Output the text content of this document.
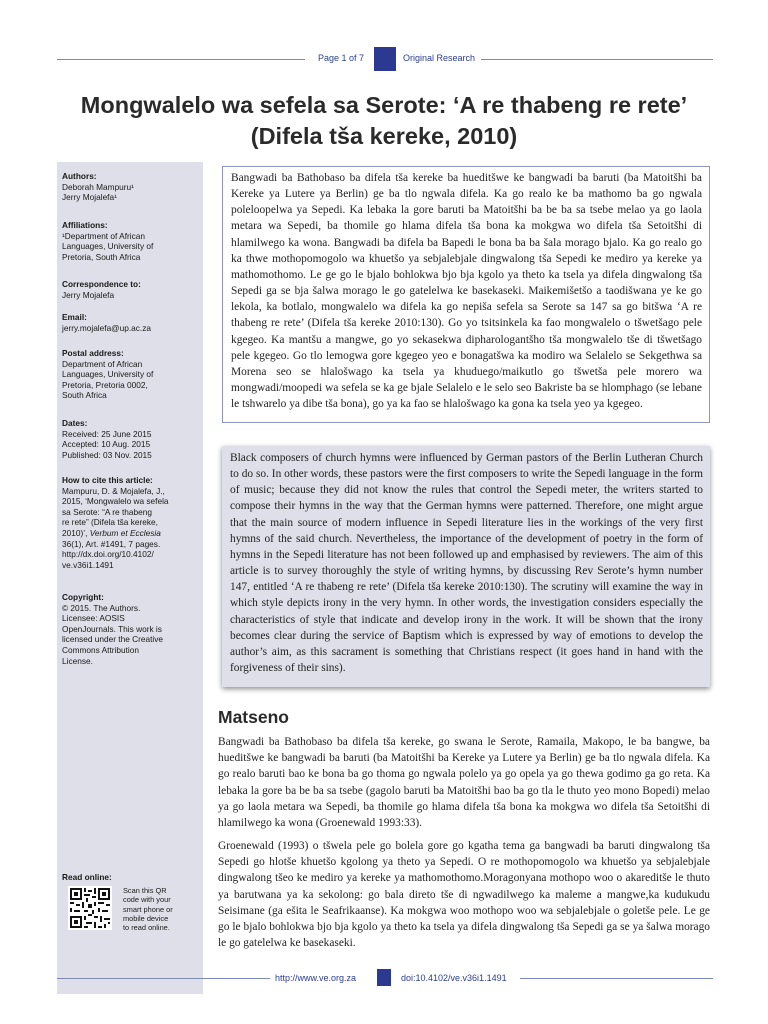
Page 1 of 7	Original Research
Mongwalelo wa sefela sa Serote: ‘A re thabeng re rete’
(Difela tša kereke, 2010)
Authors:
Deborah Mampuru¹
Jerry Mojalefa¹
Affiliations:
¹Department of African
Languages, University of
Pretoria, South Africa
Correspondence to:
Jerry Mojalefa
Email:
jerry.mojalefa@up.ac.za
Postal address:
Department of African
Languages, University of
Pretoria, Pretoria 0002,
South Africa
Dates:
Received: 25 June 2015
Accepted: 10 Aug. 2015
Published: 03 Nov. 2015
How to cite this article:
Mampuru, D. & Mojalefa, J.,
2015, ‘Mongwalelo wa sefela
sa Serote: “A re thabeng
re rete” (Difela tša kereke,
2010)’, Verbum et Ecclesia
36(1), Art. #1491, 7 pages.
http://dx.doi.org/10.4102/
ve.v36i1.1491
Copyright:
© 2015. The Authors.
Licensee: AOSIS
OpenJournals. This work is
licensed under the Creative
Commons Attribution
License.
Read online:
Scan this QR
code with your
smart phone or
mobile device
to read online.
Bangwadi ba Bathobaso ba difela tša kereke ba hueditšwe ke bangwadi ba baruti (ba Matoitšhi ba Kereke ya Lutere ya Berlin) ge ba tlo ngwala difela. Ka go realo ke ba mathomo ba go ngwala poleloopelwa ya Sepedi. Ka lebaka la gore baruti ba Matoitšhi ba be ba sa tsebe melao ya go laola metara wa Sepedi, ba thomile go hlama difela tša bona ka mokgwa wo difela tša Setoitšhi di hlamilwego ka wona. Bangwadi ba difela ba Bapedi le bona ba ba šala morago bjalo. Ka go realo go ka thwe mothopomogolo wa khuetšo ya sebjalebjale dingwalong tša Sepedi ke mediro ya kereke ya mathomothomo. Le ge go le bjalo bohlokwa bjo bja kgolo ya theto ka tsela ya difela dingwalong tša Sepedi ga se bja šalwa morago le go gatelelwa ke basekaseki. Maikemišetšo a taodišwana ye ke go lekola, ka botlalo, mongwalelo wa difela ka go nepiša sefela sa Serote sa 147 sa go bitšwa ‘A re thabeng re rete’ (Difela tša kereke 2010:130). Go yo tsitsinkela ka fao mongwalelo o tšwetšago pele kgegeo. Ka mantšu a mangwe, go yo sekasekwa dipharologantšho tša mongwalelo tše di tšwetšago pele kgegeo. Go tlo lemogwa gore kgegeo yeo e bonagatšwa ka modiro wa Selalelo se Sekgethwa sa Morena seo se hlalošwago ka tsela ya khuduego/maikutlo go tšwetša pele morero wa mongwadi/moopedi wa sefela se ka ge bjale Selalelo e le selo seo Bakriste ba se hlomphago (se lebane le tshwarelo ya dibe tša bona), go ya ka fao se hlalošwago ka gona ka tsela yeo ya kgegeo.
Black composers of church hymns were influenced by German pastors of the Berlin Lutheran Church to do so. In other words, these pastors were the first composers to write the Sepedi language in the form of music; because they did not know the rules that control the Sepedi meter, the writers started to compose their hymns in the way that the German hymns were patterned. Therefore, one might argue that the main source of modern influence in Sepedi literature lies in the workings of the very first hymns of the said church. Nevertheless, the importance of the development of poetry in the form of hymns in the Sepedi literature has not been followed up and emphasised by reviewers. The aim of this article is to survey thoroughly the style of writing hymns, by discussing Rev Serote’s hymn number 147, entitled ‘A re thabeng re rete’ (Difela tša kereke 2010:130). The scrutiny will examine the way in which style depicts irony in the very hymn. In other words, the investigation considers especially the characteristics of style that indicate and develop irony in the work. It will be shown that the irony becomes clear during the service of Baptism which is expressed by way of emotions to develop the author’s aim, as this sacrament is something that Christians respect (it goes hand in hand with the forgiveness of their sins).
Matseno

Bangwadi ba Bathobaso ba difela tša kereke, go swana le Serote, Ramaila, Makopo, le ba bangwe, ba hueditšwe ke bangwadi ba baruti (ba Matoitšhi ba Kereke ya Lutere ya Berlin) ge ba tlo ngwala difela. Ka go realo baruti bao ke bona ba go thoma go ngwala polelo ya go opela ya go thewa godimo ga go reta. Ka lebaka la gore ba be ba sa tsebe (gagolo baruti ba Matoitšhi bao ba go tla le thuto yeo mono Bopedi) melao ya go laola metara wa Sepedi, ba thomile go hlama difela tša bona ka mokgwa wo difela tša Setoitšhi di hlamilwego ka wona (Groenewald 1993:33).

Groenewald (1993) o tšwela pele go bolela gore go kgatha tema ga bangwadi ba baruti dingwalong tša Sepedi go hlotše khuetšo kgolong ya theto ya Sepedi. O re mothopomogolo wa khuetšo ya sebjalebjale dingwalong tšeo ke mediro ya kereke ya mathomothomo.Moragonyana mothopo woo o akareditše le thuto ya barutwana ya ka sekolong: go bala direto tše di ngwadilwego ka maleme a mangwe,ka kudukudu Seisimane (ga ešita le Seafrikaanse). Ka mokgwa woo mothopo woo wa sebjalebjale o goletše pele. Le ge go le bjalo bohlokwa bjo bja kgolo ya theto ka tsela ya difela dingwalong tša Sepedi ga se ya šalwa morago le go gatelelwa ke basekaseki.

http://www.ve.org.za	doi:10.4102/ve.v36i1.1491
